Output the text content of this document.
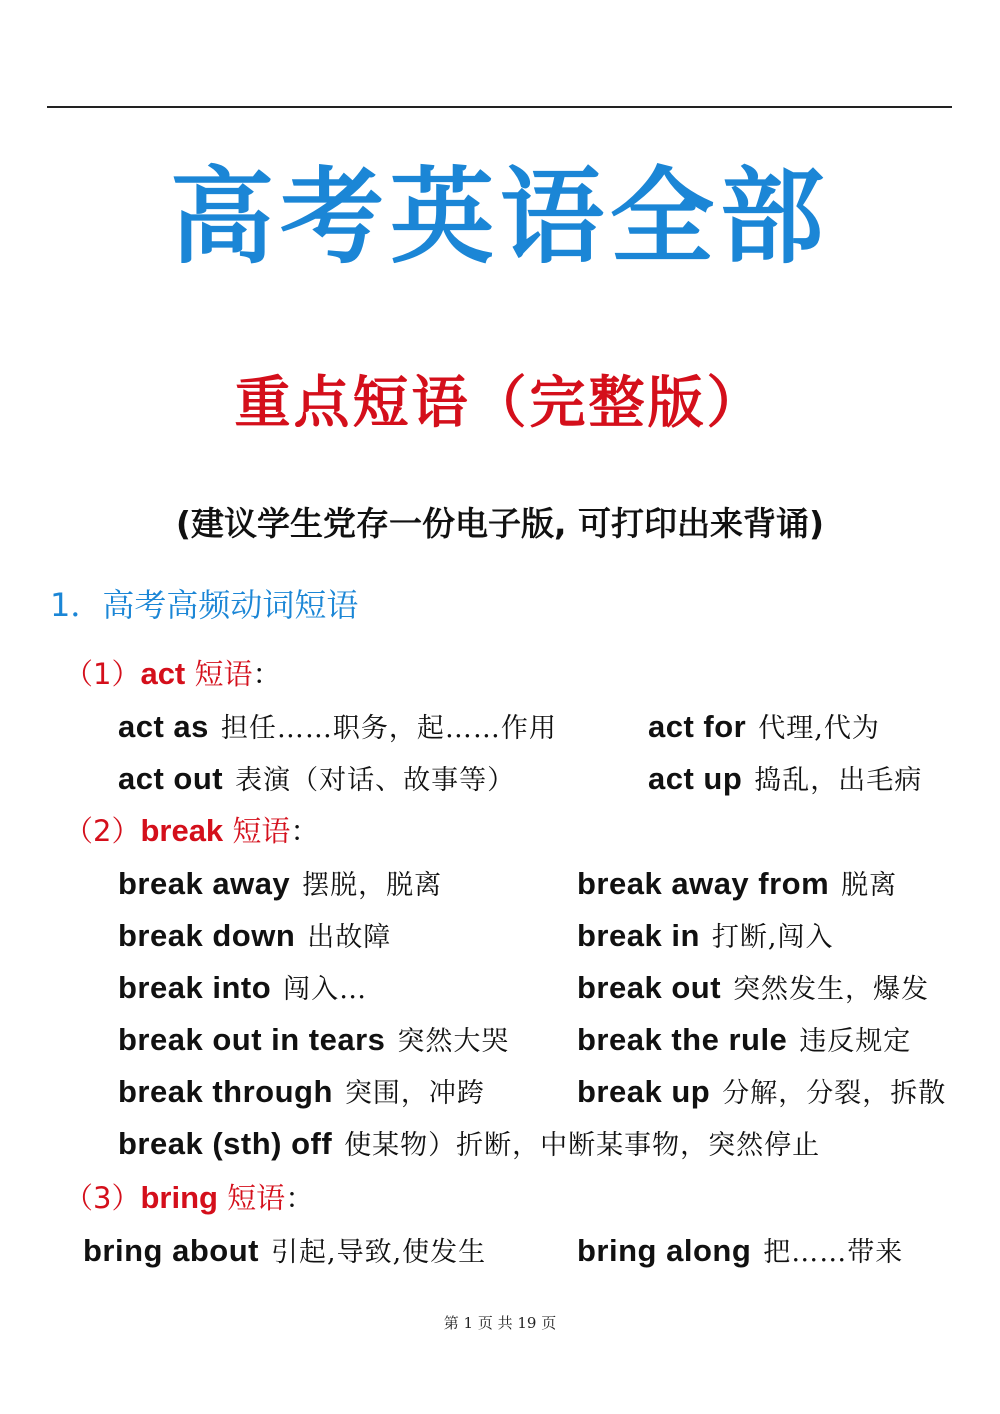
高考英语全部
重点短语（完整版）
(建议学生党存一份电子版, 可打印出来背诵)
1．高考高频动词短语
（1）act 短语：
act as 担任……职务，起……作用	act for 代理,代为
act out 表演（对话、故事等）	act up 捣乱，出毛病
（2）break 短语：
break away 摆脱，脱离	break away from 脱离
break down 出故障	break in 打断,闯入
break into 闯入…	break out 突然发生，爆发
break out in tears 突然大哭 break the rule 违反规定
break through 突围，冲跨	break up 分解，分裂，拆散
break (sth) off 使某物）折断，中断某事物，突然停止
（3）bring 短语：
bring about 引起,导致,使发生	bring along 把……带来
第 1 页 共 19 页
